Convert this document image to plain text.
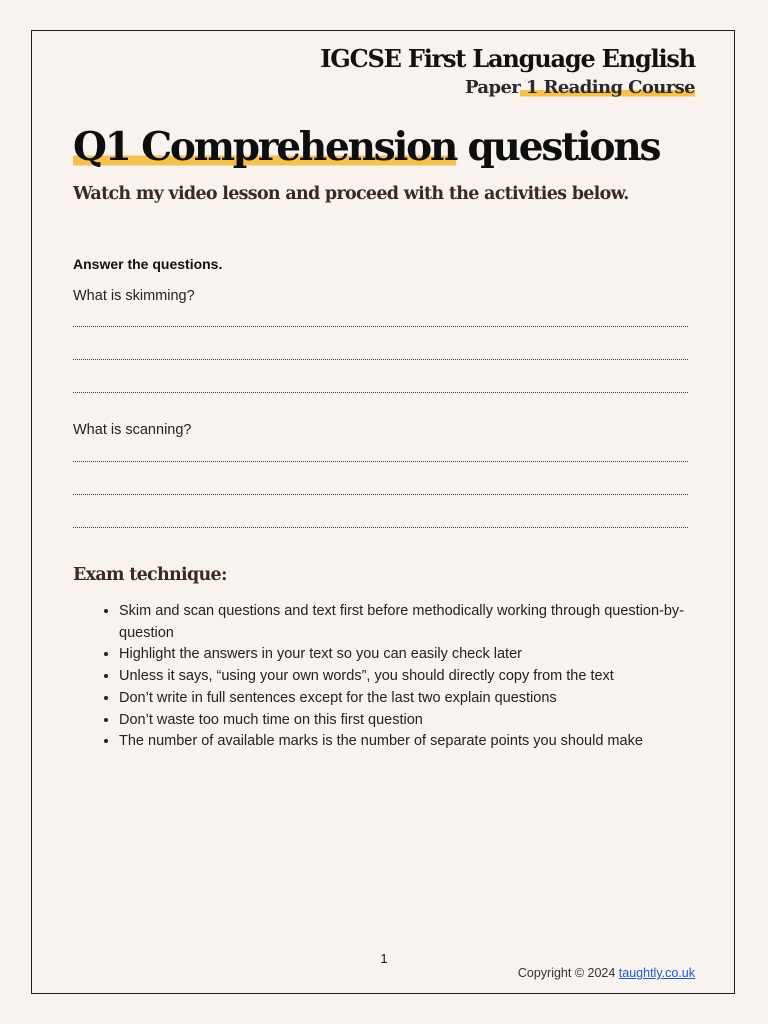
IGCSE First Language English
Paper 1 Reading Course
Q1 Comprehension questions
Watch my video lesson and proceed with the activities below.
Answer the questions.
What is skimming?
What is scanning?
Exam technique:
• Skim and scan questions and text first before methodically working through question-by-question
• Highlight the answers in your text so you can easily check later
• Unless it says, “using your own words”, you should directly copy from the text
• Don’t write in full sentences except for the last two explain questions
• Don’t waste too much time on this first question
• The number of available marks is the number of separate points you should make
1
Copyright © 2024 taughtly.co.uk
